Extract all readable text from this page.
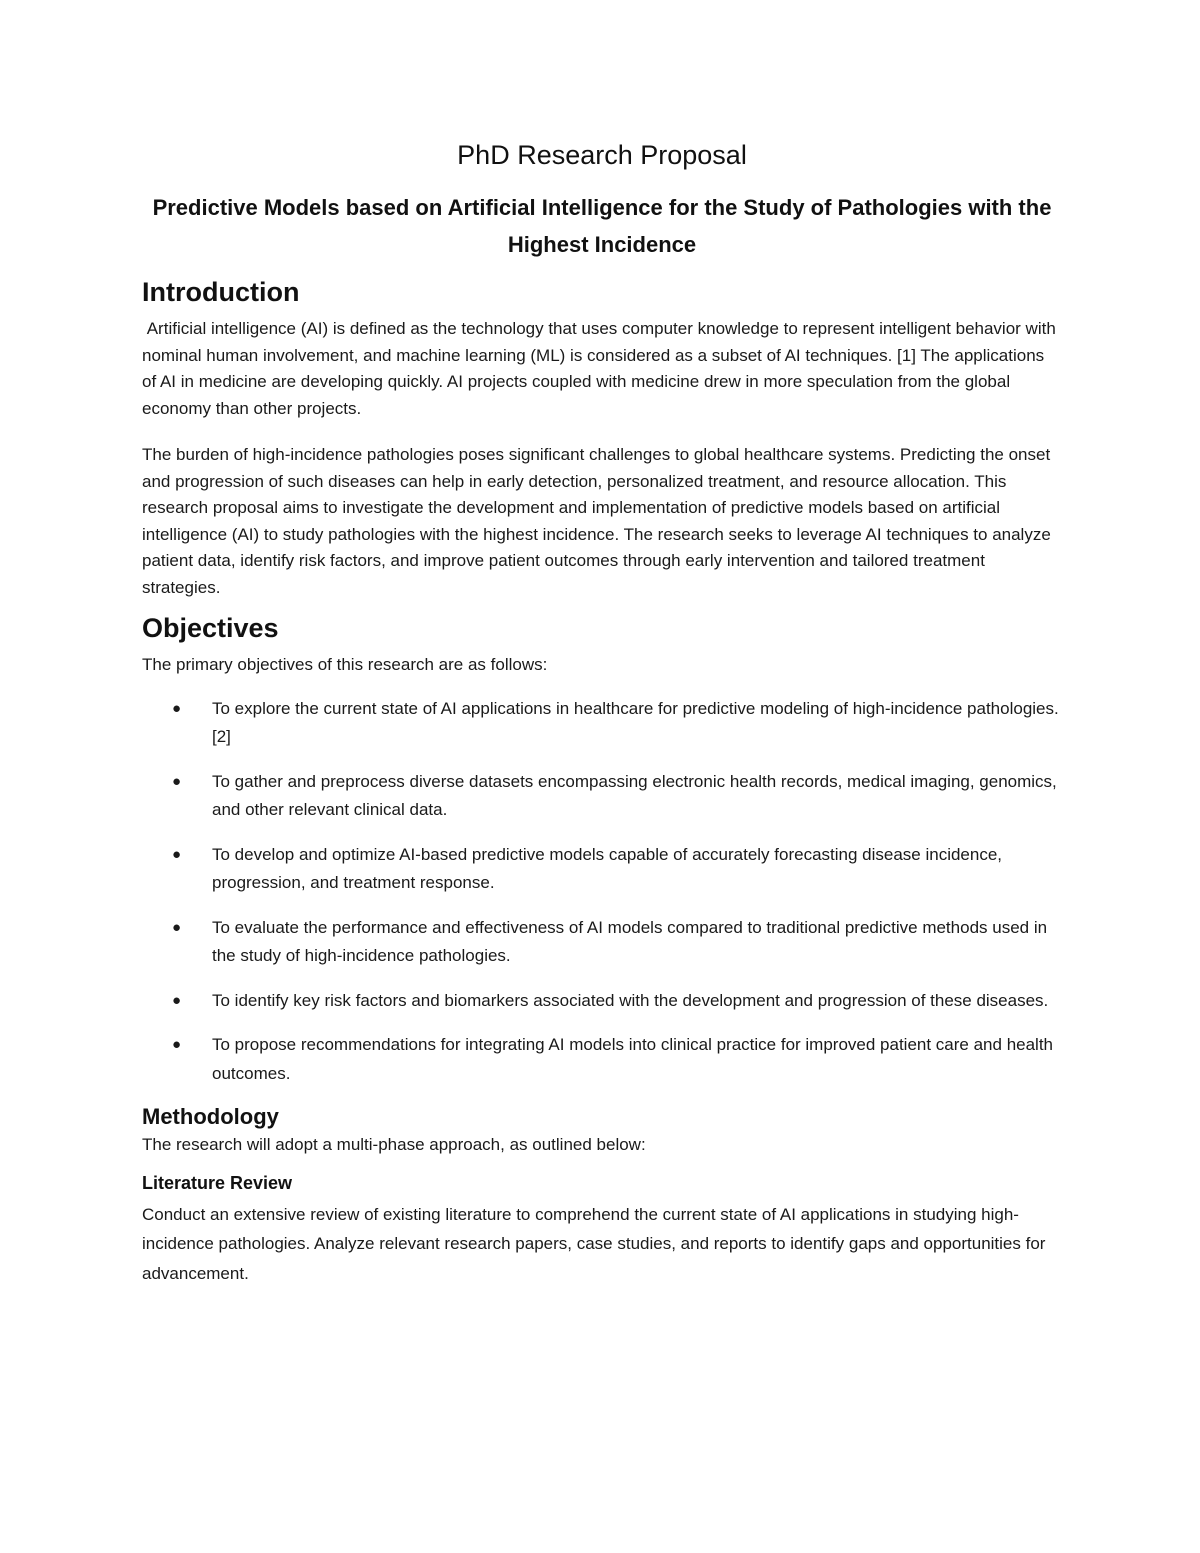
PhD Research Proposal
Predictive Models based on Artificial Intelligence for the Study of Pathologies with the Highest Incidence
Introduction

Artificial intelligence (AI) is defined as the technology that uses computer knowledge to represent intelligent behavior with nominal human involvement, and machine learning (ML) is considered as a subset of AI techniques. [1] The applications of AI in medicine are developing quickly. AI projects coupled with medicine drew in more speculation from the global economy than other projects.

The burden of high-incidence pathologies poses significant challenges to global healthcare systems. Predicting the onset and progression of such diseases can help in early detection, personalized treatment, and resource allocation. This research proposal aims to investigate the development and implementation of predictive models based on artificial intelligence (AI) to study pathologies with the highest incidence. The research seeks to leverage AI techniques to analyze patient data, identify risk factors, and improve patient outcomes through early intervention and tailored treatment strategies.

Objectives

The primary objectives of this research are as follows:

● To explore the current state of AI applications in healthcare for predictive modeling of high-incidence pathologies. [2]
● To gather and preprocess diverse datasets encompassing electronic health records, medical imaging, genomics, and other relevant clinical data.
● To develop and optimize AI-based predictive models capable of accurately forecasting disease incidence, progression, and treatment response.
● To evaluate the performance and effectiveness of AI models compared to traditional predictive methods used in the study of high-incidence pathologies.
● To identify key risk factors and biomarkers associated with the development and progression of these diseases.
● To propose recommendations for integrating AI models into clinical practice for improved patient care and health outcomes.
Methodology

The research will adopt a multi-phase approach, as outlined below:

Literature Review

Conduct an extensive review of existing literature to comprehend the current state of AI applications in studying high-incidence pathologies. Analyze relevant research papers, case studies, and reports to identify gaps and opportunities for advancement.
